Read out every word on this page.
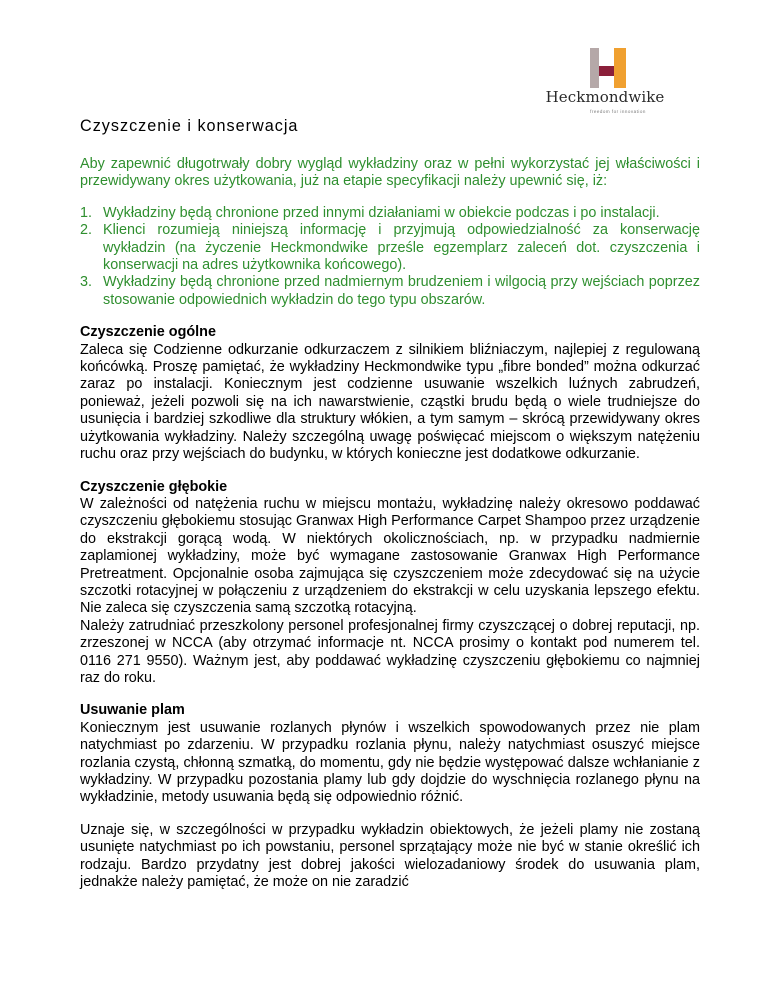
Heckmondwike
freedom for innovation
Czyszczenie i konserwacja

Aby zapewnić długotrwały dobry wygląd wykładziny oraz w pełni wykorzystać jej właściwości i przewidywany okres użytkowania, już na etapie specyfikacji należy upewnić się, iż:

1. Wykładziny będą chronione przed innymi działaniami w obiekcie podczas i po instalacji.
2. Klienci rozumieją niniejszą informację i przyjmują odpowiedzialność za konserwację wykładzin (na życzenie Heckmondwike prześle egzemplarz zaleceń dot. czyszczenia i konserwacji na adres użytkownika końcowego).
3. Wykładziny będą chronione przed nadmiernym brudzeniem i wilgocią przy wejściach poprzez stosowanie odpowiednich wykładzin do tego typu obszarów.
Czyszczenie ogólne

Zaleca się Codzienne odkurzanie odkurzaczem z silnikiem bliźniaczym, najlepiej z regulowaną końcówką. Proszę pamiętać, że wykładziny Heckmondwike typu „fibre bonded” można odkurzać zaraz po instalacji. Koniecznym jest codzienne usuwanie wszelkich luźnych zabrudzeń, ponieważ, jeżeli pozwoli się na ich nawarstwienie, cząstki brudu będą o wiele trudniejsze do usunięcia i bardziej szkodliwe dla struktury włókien, a tym samym – skrócą przewidywany okres użytkowania wykładziny. Należy szczególną uwagę poświęcać miejscom o większym natężeniu ruchu oraz przy wejściach do budynku, w których konieczne jest dodatkowe odkurzanie.

Czyszczenie głębokie

W zależności od natężenia ruchu w miejscu montażu, wykładzinę należy okresowo poddawać czyszczeniu głębokiemu stosując Granwax High Performance Carpet Shampoo przez urządzenie do ekstrakcji gorącą wodą. W niektórych okolicznościach, np. w przypadku nadmiernie zaplamionej wykładziny, może być wymagane zastosowanie Granwax High Performance Pretreatment. Opcjonalnie osoba zajmująca się czyszczeniem może zdecydować się na użycie szczotki rotacyjnej w połączeniu z urządzeniem do ekstrakcji w celu uzyskania lepszego efektu. Nie zaleca się czyszczenia samą szczotką rotacyjną.

Należy zatrudniać przeszkolony personel profesjonalnej firmy czyszczącej o dobrej reputacji, np. zrzeszonej w NCCA (aby otrzymać informacje nt. NCCA prosimy o kontakt pod numerem tel. 0116 271 9550). Ważnym jest, aby poddawać wykładzinę czyszczeniu głębokiemu co najmniej raz do roku.

Usuwanie plam

Koniecznym jest usuwanie rozlanych płynów i wszelkich spowodowanych przez nie plam natychmiast po zdarzeniu. W przypadku rozlania płynu, należy natychmiast osuszyć miejsce rozlania czystą, chłonną szmatką, do momentu, gdy nie będzie występować dalsze wchłanianie z wykładziny. W przypadku pozostania plamy lub gdy dojdzie do wyschnięcia rozlanego płynu na wykładzinie, metody usuwania będą się odpowiednio różnić.

Uznaje się, w szczególności w przypadku wykładzin obiektowych, że jeżeli plamy nie zostaną usunięte natychmiast po ich powstaniu, personel sprzątający może nie być w stanie określić ich rodzaju. Bardzo przydatny jest dobrej jakości wielozadaniowy środek do usuwania plam, jednakże należy pamiętać, że może on nie zaradzić
